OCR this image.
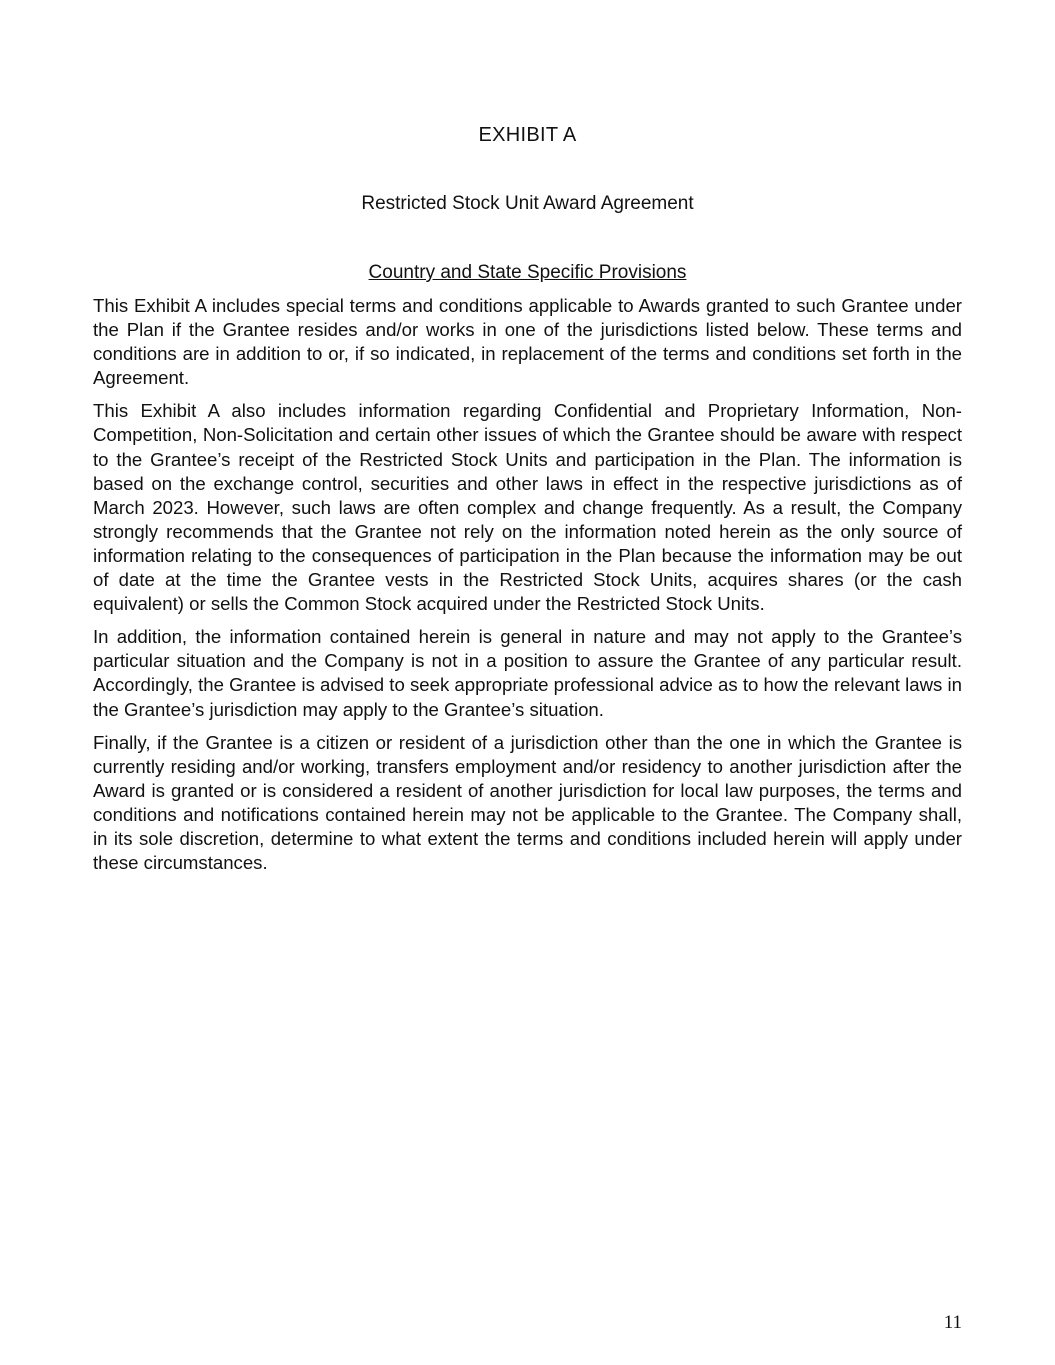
EXHIBIT A
Restricted Stock Unit Award Agreement
Country and State Specific Provisions

This Exhibit A includes special terms and conditions applicable to Awards granted to such Grantee under the Plan if the Grantee resides and/or works in one of the jurisdictions listed below. These terms and conditions are in addition to or, if so indicated, in replacement of the terms and conditions set forth in the Agreement.

This Exhibit A also includes information regarding Confidential and Proprietary Information, Non-Competition, Non-Solicitation and certain other issues of which the Grantee should be aware with respect to the Grantee’s receipt of the Restricted Stock Units and participation in the Plan. The information is based on the exchange control, securities and other laws in effect in the respective jurisdictions as of March 2023. However, such laws are often complex and change frequently. As a result, the Company strongly recommends that the Grantee not rely on the information noted herein as the only source of information relating to the consequences of participation in the Plan because the information may be out of date at the time the Grantee vests in the Restricted Stock Units, acquires shares (or the cash equivalent) or sells the Common Stock acquired under the Restricted Stock Units.

In addition, the information contained herein is general in nature and may not apply to the Grantee’s particular situation and the Company is not in a position to assure the Grantee of any particular result. Accordingly, the Grantee is advised to seek appropriate professional advice as to how the relevant laws in the Grantee’s jurisdiction may apply to the Grantee’s situation.

Finally, if the Grantee is a citizen or resident of a jurisdiction other than the one in which the Grantee is currently residing and/or working, transfers employment and/or residency to another jurisdiction after the Award is granted or is considered a resident of another jurisdiction for local law purposes, the terms and conditions and notifications contained herein may not be applicable to the Grantee. The Company shall, in its sole discretion, determine to what extent the terms and conditions included herein will apply under these circumstances.

11
